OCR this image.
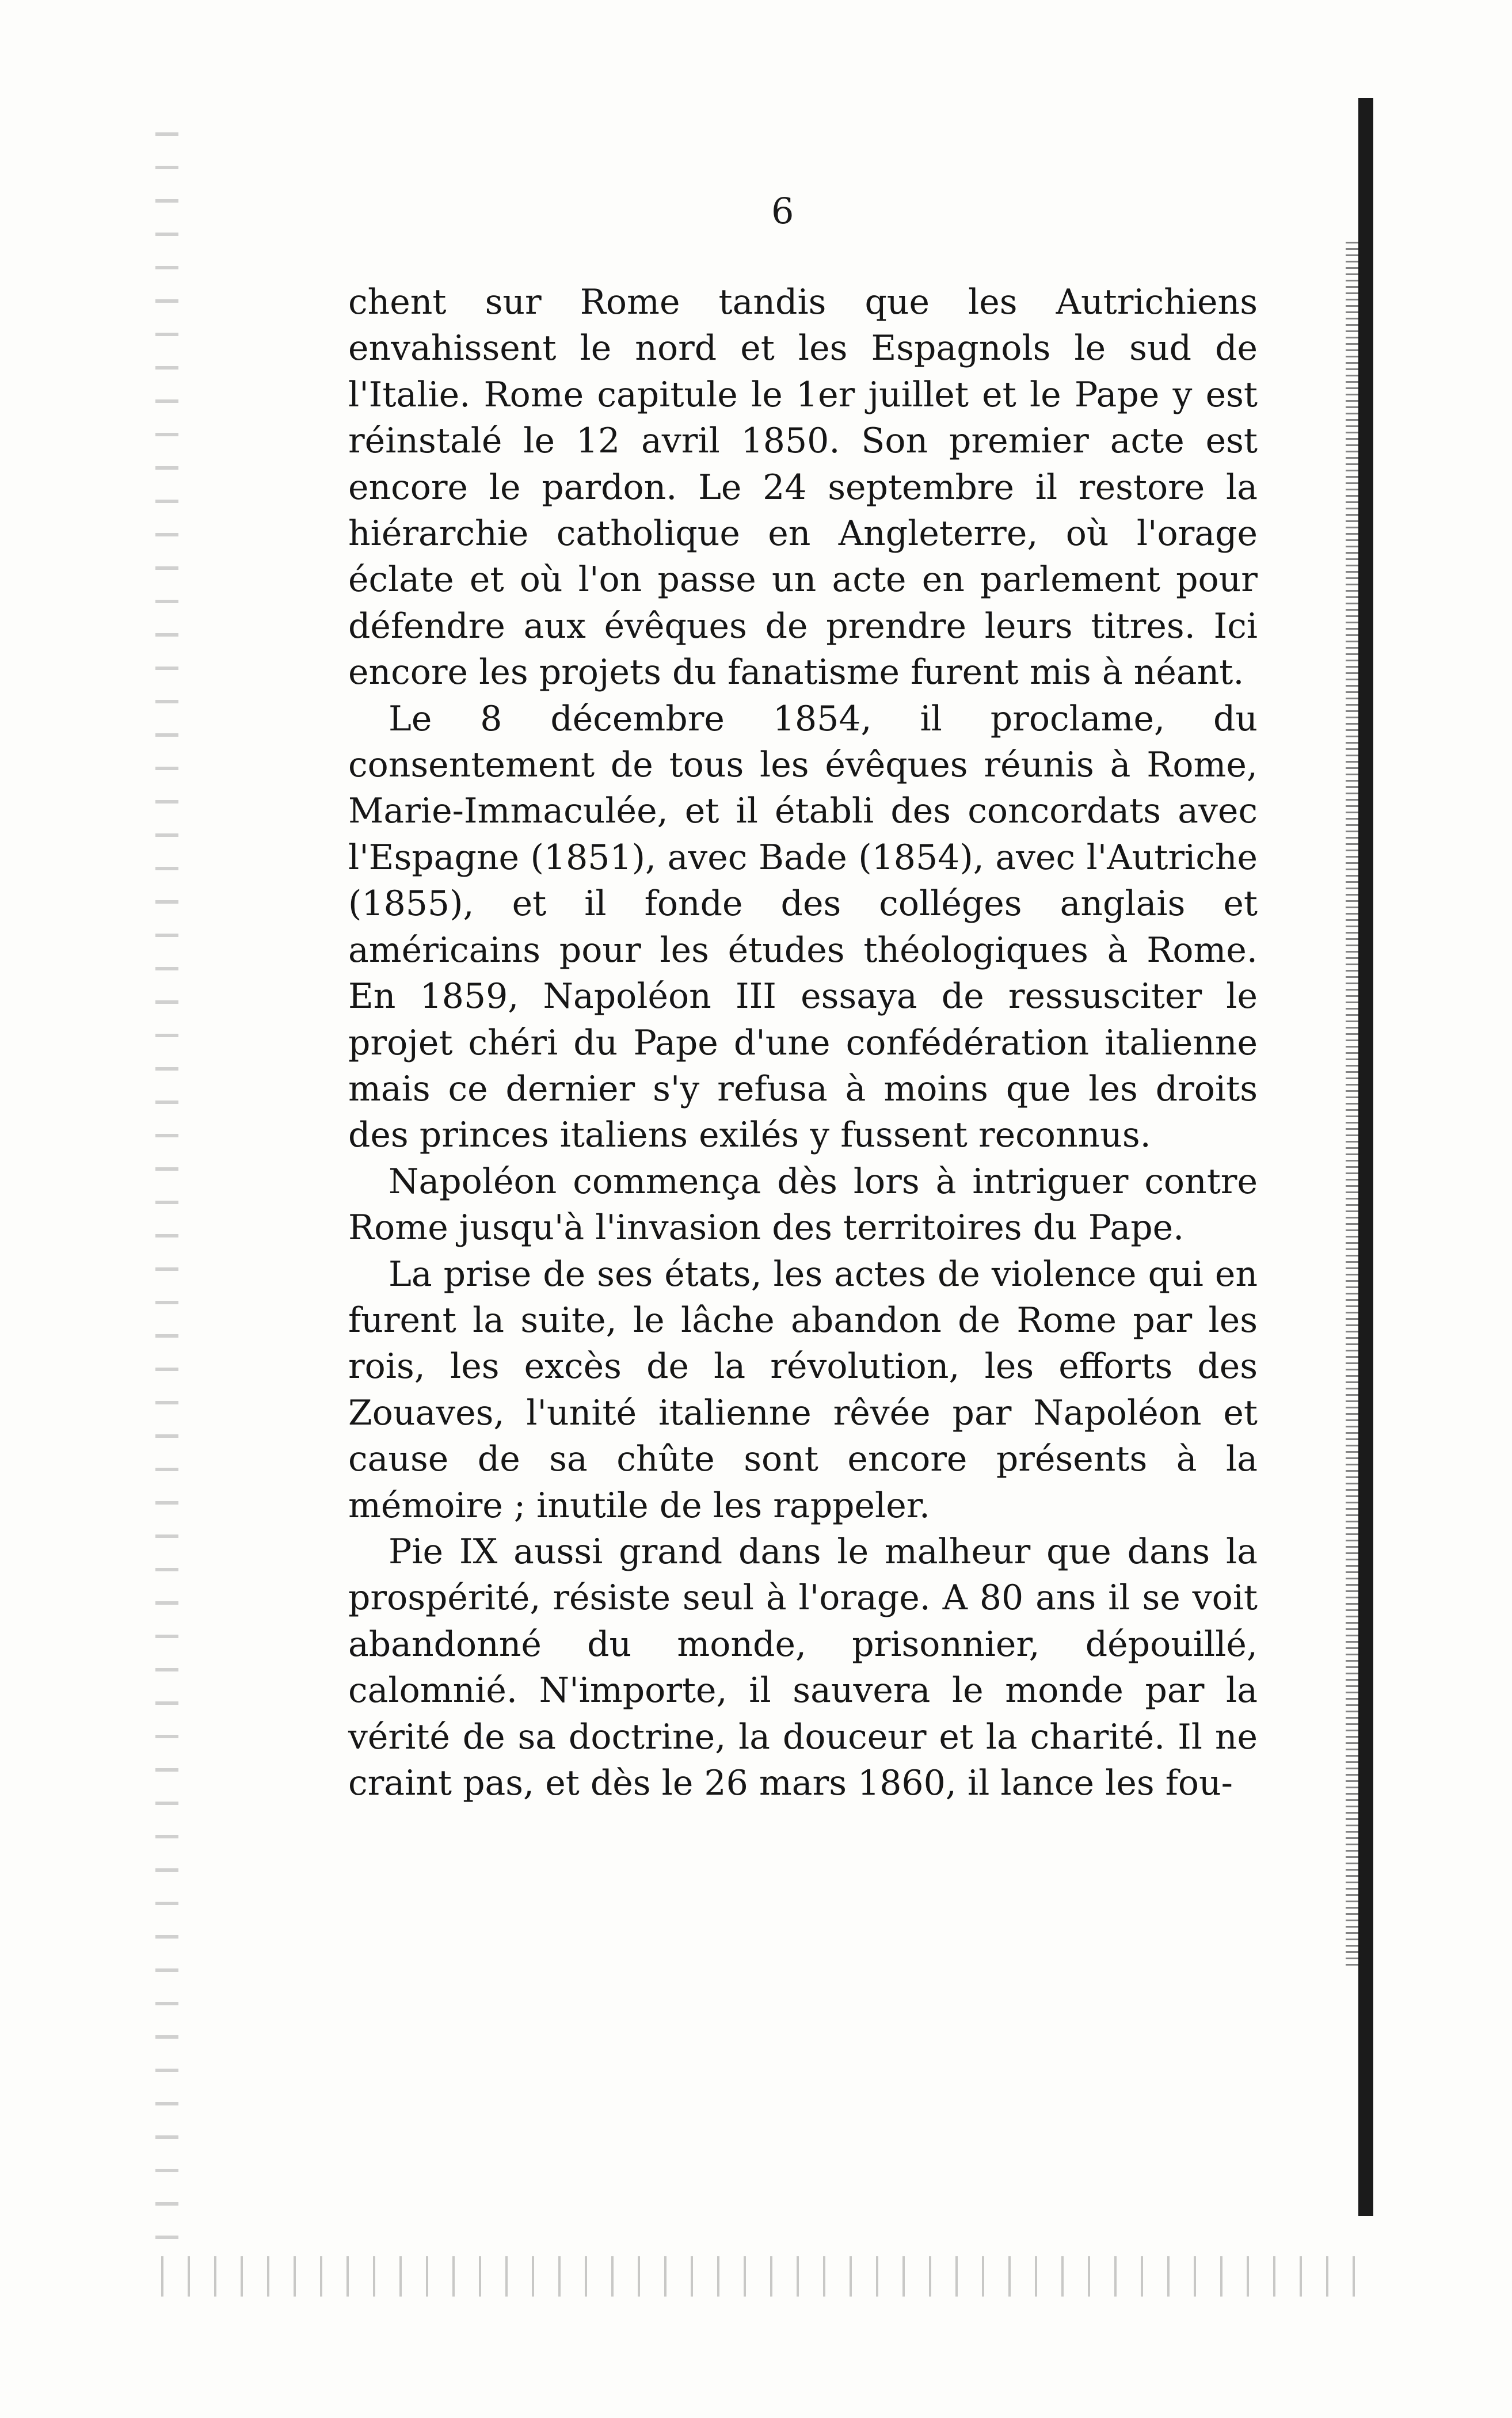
6

chent sur Rome tandis que les Autrichiens envahissent le nord et les Espagnols le sud de l'Italie. Rome capitule le 1er juillet et le Pape y est réinstalé le 12 avril 1850. Son premier acte est encore le pardon. Le 24 septembre il restore la hiérarchie catholique en Angleterre, où l'orage éclate et où l'on passe un acte en parlement pour défendre aux évêques de prendre leurs titres. Ici encore les projets du fanatisme furent mis à néant.

Le 8 décembre 1854, il proclame, du consentement de tous les évêques réunis à Rome, Marie-Immaculée, et il établi des concordats avec l'Espagne (1851), avec Bade (1854), avec l'Autriche (1855), et il fonde des colléges anglais et américains pour les études théologiques à Rome. En 1859, Napoléon III essaya de ressusciter le projet chéri du Pape d'une confédération italienne mais ce dernier s'y refusa à moins que les droits des princes italiens exilés y fussent reconnus.

Napoléon commença dès lors à intriguer contre Rome jusqu'à l'invasion des territoires du Pape.

La prise de ses états, les actes de violence qui en furent la suite, le lâche abandon de Rome par les rois, les excès de la révolution, les efforts des Zouaves, l'unité italienne rêvée par Napoléon et cause de sa chûte sont encore présents à la mémoire ; inutile de les rappeler.

Pie IX aussi grand dans le malheur que dans la prospérité, résiste seul à l'orage. A 80 ans il se voit abandonné du monde, prisonnier, dépouillé, calomnié. N'importe, il sauvera le monde par la vérité de sa doctrine, la douceur et la charité. Il ne craint pas, et dès le 26 mars 1860, il lance les fou-
